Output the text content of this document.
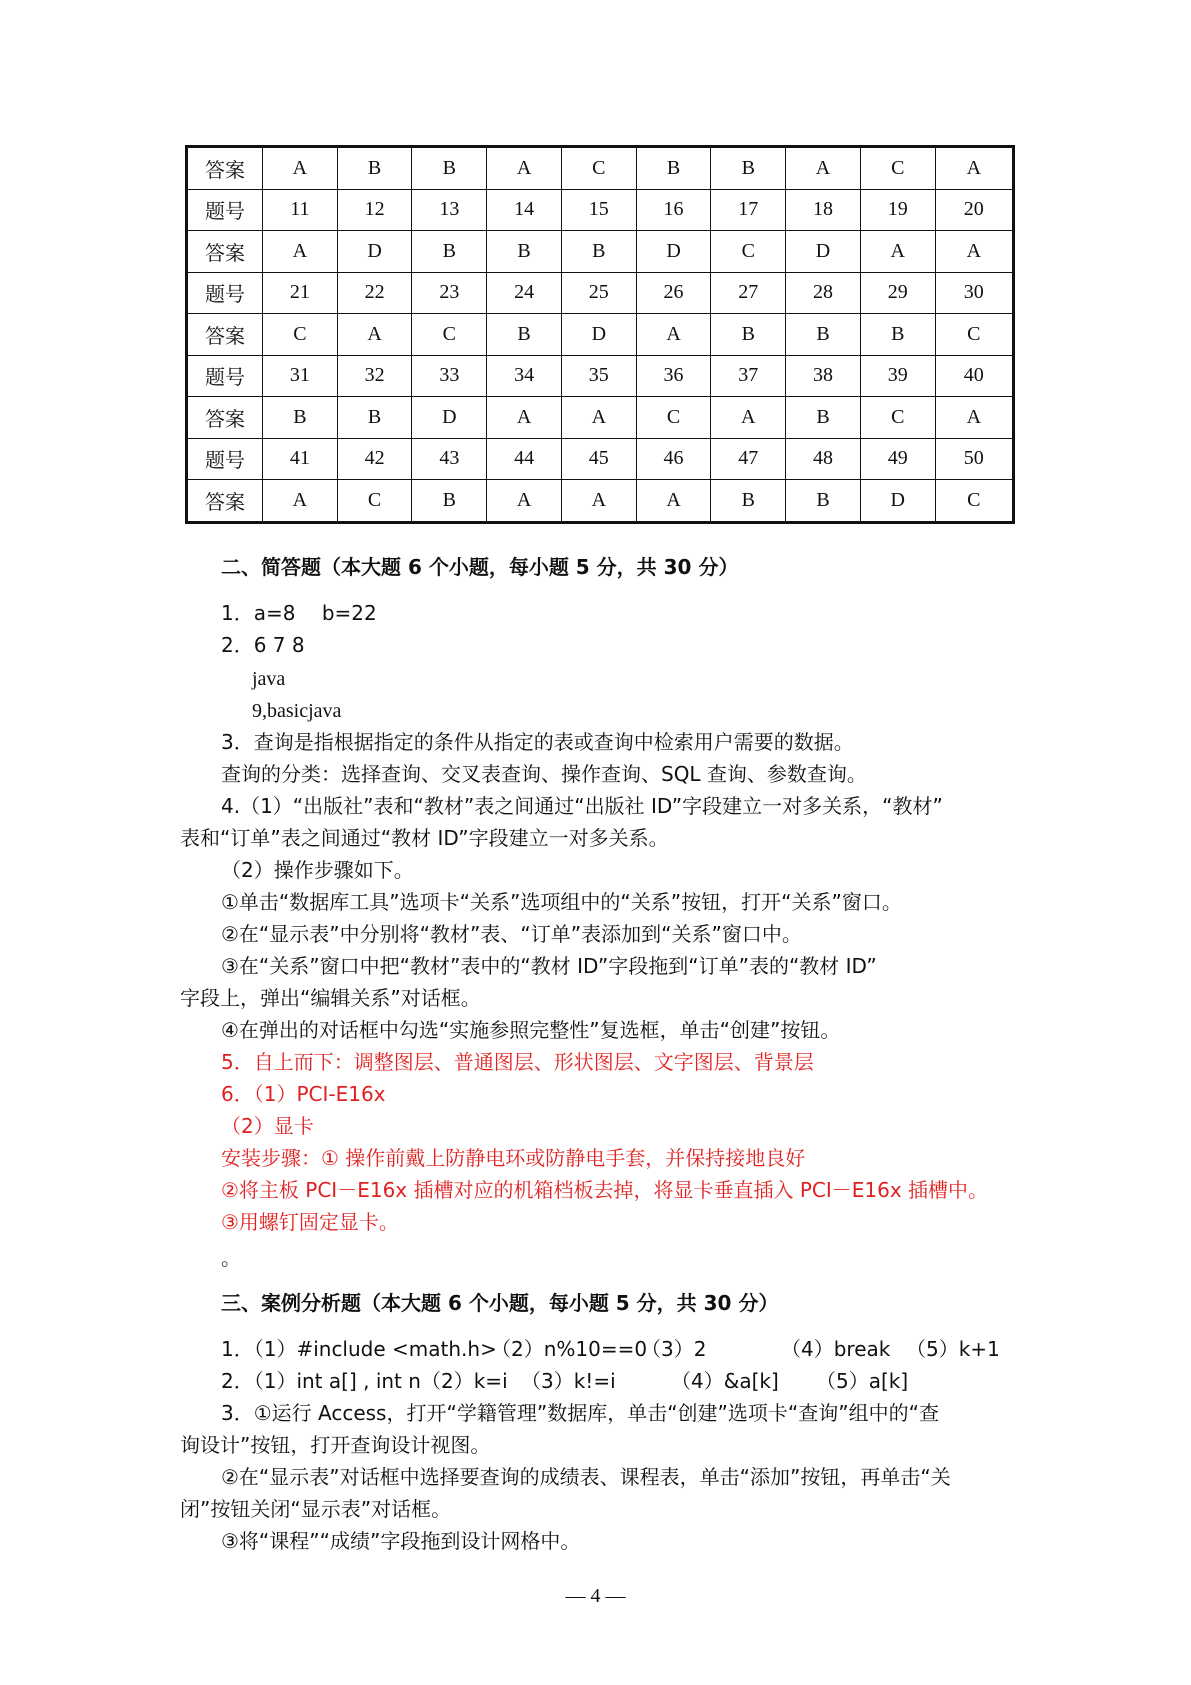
答案	A	B	B	A	C	B	B	A	C	A
题号	11	12	13	14	15	16	17	18	19	20
答案	A	D	B	B	B	D	C	D	A	A
题号	21	22	23	24	25	26	27	28	29	30
答案	C	A	C	B	D	A	B	B	B	C
题号	31	32	33	34	35	36	37	38	39	40
答案	B	B	D	A	A	C	A	B	C	A
题号	41	42	43	44	45	46	47	48	49	50
答案	A	C	B	A	A	A	B	B	D	C
二、简答题（本大题 6 个小题，每小题 5 分，共 30 分）
1．a=8　 b=22
2．6 7 8
java
9,basicjava
3．查询是指根据指定的条件从指定的表或查询中检索用户需要的数据。
查询的分类：选择查询、交叉表查询、操作查询、SQL 查询、参数查询。
4.（1）“出版社”表和“教材”表之间通过“出版社 ID”字段建立一对多关系，“教材”
表和“订单”表之间通过“教材 ID”字段建立一对多关系。
（2）操作步骤如下。
①单击“数据库工具”选项卡“关系”选项组中的“关系”按钮，打开“关系”窗口。
②在“显示表”中分别将“教材”表、“订单”表添加到“关系”窗口中。
③在“关系”窗口中把“教材”表中的“教材 ID”字段拖到“订单”表的“教材 ID”
字段上，弹出“编辑关系”对话框。
④在弹出的对话框中勾选“实施参照完整性”复选框，单击“创建”按钮。
5．自上而下：调整图层、普通图层、形状图层、文字图层、背景层
6．（1）PCI-E16x
（2）显卡
安装步骤：① 操作前戴上防静电环或防静电手套，并保持接地良好
②将主板 PCI－E16x 插槽对应的机箱档板去掉，将显卡垂直插入 PCI－E16x 插槽中。
③用螺钉固定显卡。
。
三、案例分析题（本大题 6 个小题，每小题 5 分，共 30 分）
1．（1）#include <math.h>（2）n%10==0（3）2	（4）break （5）k+1
2．（1）int a[] , int n（2）k=i （3）k!=i	（4）&a[k] （5）a[k]
3．①运行 Access，打开“学籍管理”数据库，单击“创建”选项卡“查询”组中的“查
询设计”按钮，打开查询设计视图。
②在“显示表”对话框中选择要查询的成绩表、课程表，单击“添加”按钮，再单击“关
闭”按钮关闭“显示表”对话框。
③将“课程”“成绩”字段拖到设计网格中。
— 4 —
